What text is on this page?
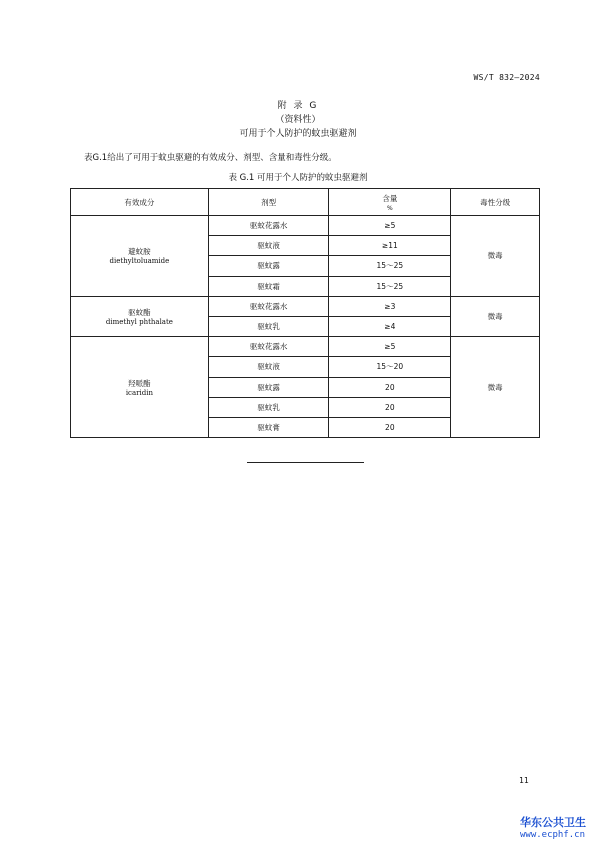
WS/T 832—2024
附 录 G
（资料性）
可用于个人防护的蚊虫驱避剂
表G.1给出了可用于蚊虫驱避的有效成分、剂型、含量和毒性分级。
表 G.1 可用于个人防护的蚊虫驱避剂
有效成分	剂型	含量
%	毒性分级

避蚊胺
diethyltoluamide	驱蚊花露水	≥5	微毒
	驱蚊液	≥11	
	驱蚊露	15～25	
	驱蚊霜	15～25	

驱蚊酯
dimethyl phthalate	驱蚊花露水	≥3	微毒
	驱蚊乳	≥4	

羟哌酯
icaridin	驱蚊花露水	≥5	微毒
	驱蚊液	15～20	
	驱蚊露	20	
	驱蚊乳	20	
	驱蚊膏	20	
11
华东公共卫生
www.ecphf.cn
